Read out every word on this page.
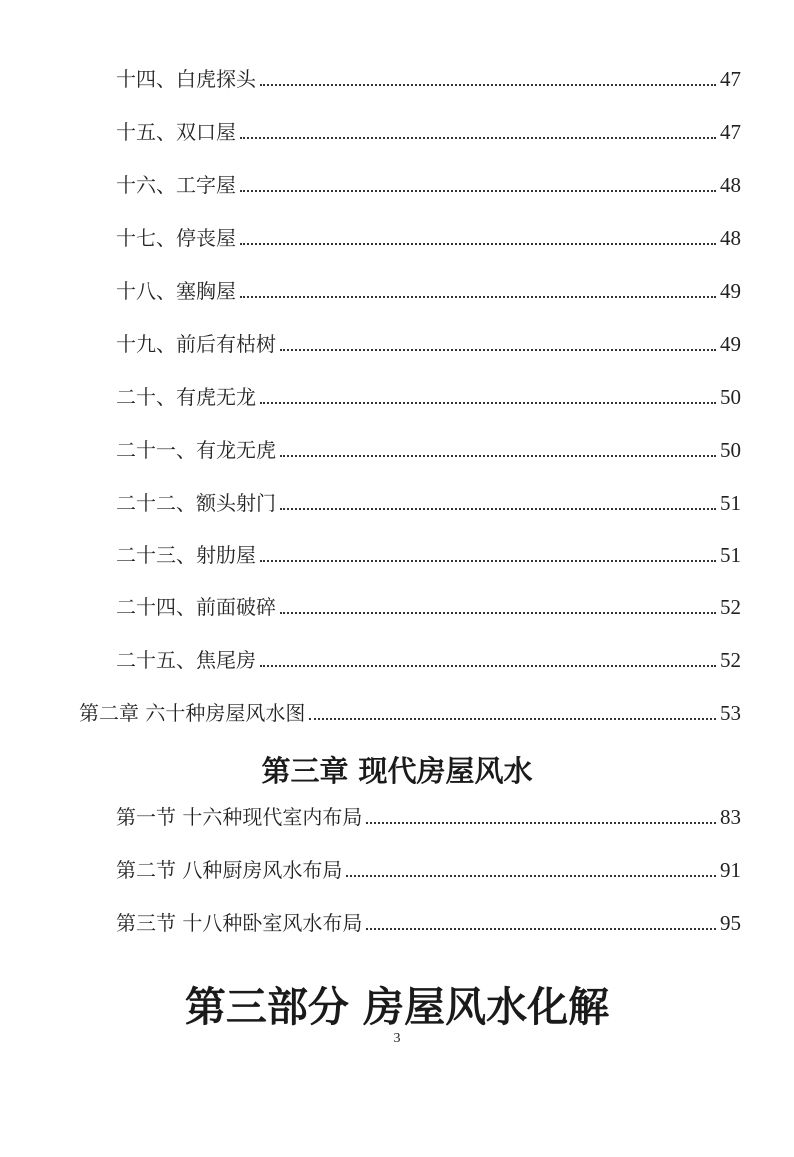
十四、白虎探头	47
十五、双口屋	47
十六、工字屋	48
十七、停丧屋	48
十八、塞胸屋	49
十九、前后有枯树	49
二十、有虎无龙	50
二十一、有龙无虎	50
二十二、额头射门	51
二十三、射肋屋	51
二十四、前面破碎	52
二十五、焦尾房	52
第二章 六十种房屋风水图	53
第三章 现代房屋风水
第一节 十六种现代室内布局	83
第二节 八种厨房风水布局	91
第三节 十八种卧室风水布局	95
第三部分 房屋风水化解
3
